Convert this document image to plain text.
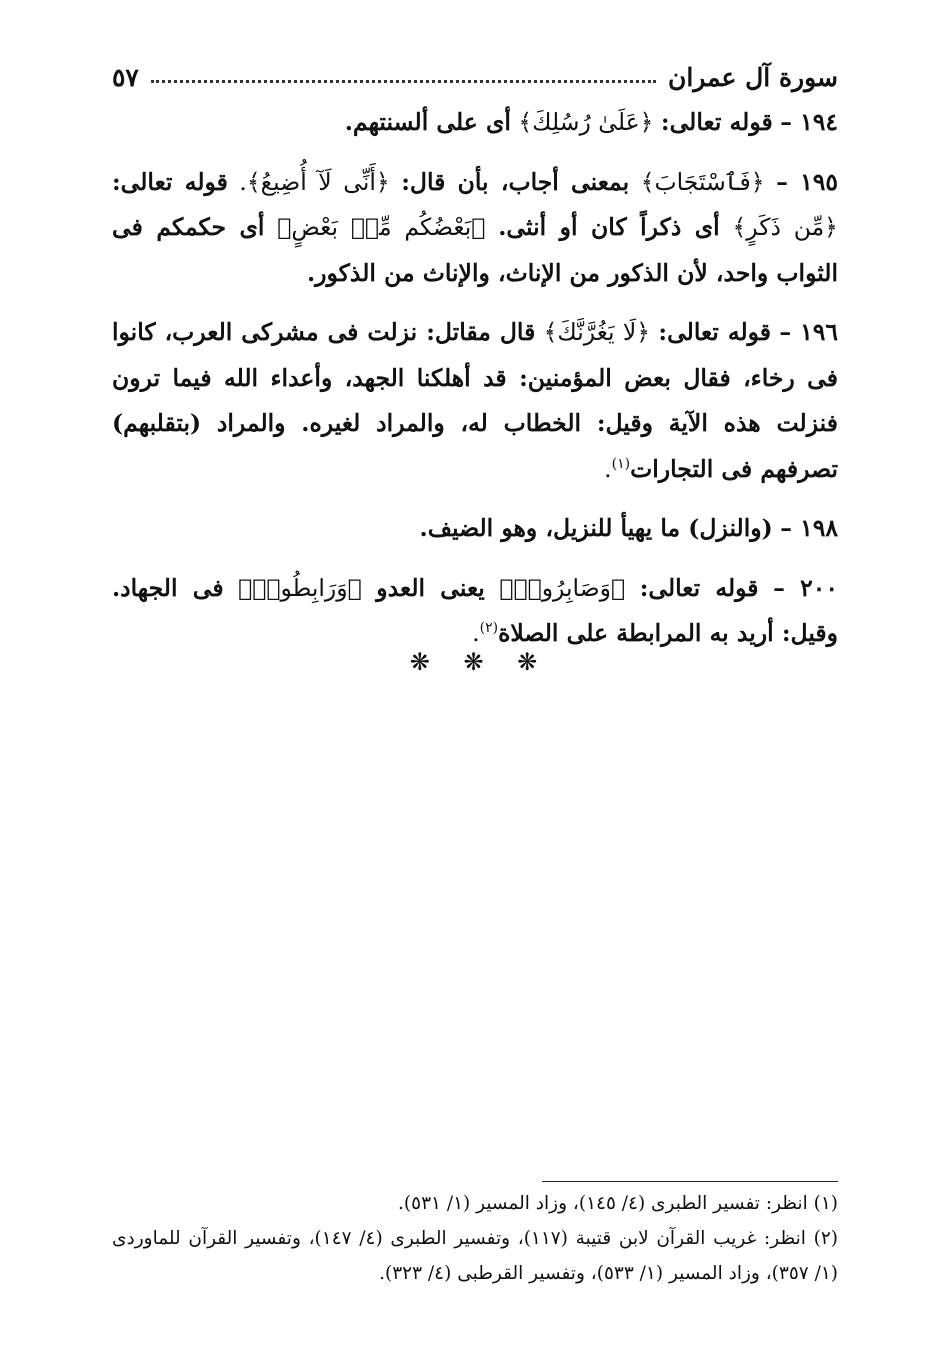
سورة آل عمران
٥٧

١٩٤ – قوله تعالى: ﴿عَلَىٰ رُسُلِكَ﴾ أى على ألسنتهم.

١٩٥ – ﴿فَٱسْتَجَابَ﴾ بمعنى أجاب، بأن قال: ﴿أَنِّى لَآ أُضِيعُ﴾. قوله تعالى: ﴿مِّن ذَكَرٍ﴾ أى ذكراً كان أو أنثى. ﴿بَعْضُكُم مِّنۢ بَعْضٍ﴾ أى حكمكم فى الثواب واحد، لأن الذكور من الإناث، والإناث من الذكور.

١٩٦ – قوله تعالى: ﴿لَا يَغُرَّنَّكَ﴾ قال مقاتل: نزلت فى مشركى العرب، كانوا فى رخاء، فقال بعض المؤمنين: قد أهلكنا الجهد، وأعداء الله فيما ترون فنزلت هذه الآية وقيل: الخطاب له، والمراد لغيره. والمراد (بتقلبهم) تصرفهم فى التجارات$^{(١)}$.

١٩٨ – (والنزل) ما يهيأ للنزيل، وهو الضيف.

٢٠٠ – قوله تعالى: ﴿وَصَابِرُوا۟﴾ يعنى العدو ﴿وَرَابِطُوا۟﴾ فى الجهاد. وقيل: أريد به المرابطة على الصلاة$^{(٢)}$.

❋ ❋ ❋

(١) انظر: تفسير الطبرى (٤/ ١٤٥)، وزاد المسير (١/ ٥٣١).

(٢) انظر: غريب القرآن لابن قتيبة (١١٧)، وتفسير الطبرى (٤/ ١٤٧)، وتفسير القرآن للماوردى (١/ ٣٥٧)، وزاد المسير (١/ ٥٣٣)، وتفسير القرطبى (٤/ ٣٢٣).
